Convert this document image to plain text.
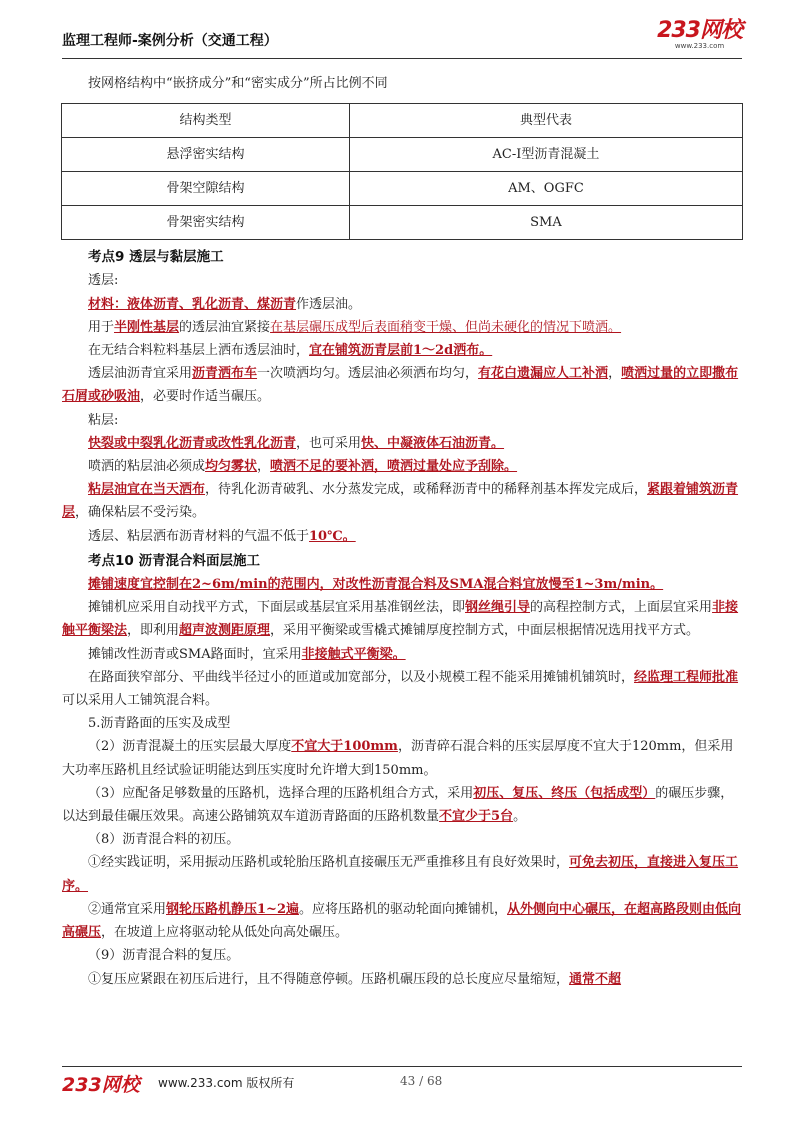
监理工程师-案例分析（交通工程）	233网校
www.233.com

按网格结构中“嵌挤成分”和“密实成分”所占比例不同

结构类型	典型代表
悬浮密实结构	AC-Ⅰ型沥青混凝土
骨架空隙结构	AM、OGFC
骨架密实结构	SMA
考点9 透层与黏层施工

透层:

材料：液体沥青、乳化沥青、煤沥青作透层油。

用于半刚性基层的透层油宜紧接在基层碾压成型后表面稍变干燥、但尚未硬化的情况下喷洒。

在无结合料粒料基层上洒布透层油时，宜在铺筑沥青层前1～2d洒布。

透层油沥青宜采用沥青洒布车一次喷洒均匀。透层油必须洒布均匀，有花白遗漏应人工补洒，喷洒过量的立即撒布石屑或砂吸油，必要时作适当碾压。

粘层:

快裂或中裂乳化沥青或改性乳化沥青，也可采用快、中凝液体石油沥青。

喷洒的粘层油必须成均匀雾状，喷洒不足的要补洒，喷洒过量处应予刮除。

粘层油宜在当天洒布，待乳化沥青破乳、水分蒸发完成，或稀释沥青中的稀释剂基本挥发完成后，紧跟着铺筑沥青层，确保粘层不受污染。

透层、粘层洒布沥青材料的气温不低于10℃。

考点10 沥青混合料面层施工

摊铺速度宜控制在2~6m/min的范围内，对改性沥青混合料及SMA混合料宜放慢至1~3m/min。

摊铺机应采用自动找平方式，下面层或基层宜采用基准钢丝法，即钢丝绳引导的高程控制方式，上面层宜采用非接触平衡梁法，即利用超声波测距原理，采用平衡梁或雪橇式摊铺厚度控制方式，中面层根据情况选用找平方式。

摊铺改性沥青或SMA路面时，宜采用非接触式平衡梁。

在路面狭窄部分、平曲线半径过小的匝道或加宽部分，以及小规模工程不能采用摊铺机铺筑时，经监理工程师批准可以采用人工铺筑混合料。

5.沥青路面的压实及成型

（2）沥青混凝土的压实层最大厚度不宜大于100mm，沥青碎石混合料的压实层厚度不宜大于120mm，但采用大功率压路机且经试验证明能达到压实度时允许增大到150mm。

（3）应配备足够数量的压路机，选择合理的压路机组合方式，采用初压、复压、终压（包括成型）的碾压步骤，以达到最佳碾压效果。高速公路铺筑双车道沥青路面的压路机数量不宜少于5台。

（8）沥青混合料的初压。

①经实践证明，采用振动压路机或轮胎压路机直接碾压无严重推移且有良好效果时，可免去初压，直接进入复压工序。

②通常宜采用钢轮压路机静压1~2遍。应将压路机的驱动轮面向摊铺机，从外侧向中心碾压，在超高路段则由低向高碾压，在坡道上应将驱动轮从低处向高处碾压。

（9）沥青混合料的复压。

①复压应紧跟在初压后进行，且不得随意停顿。压路机碾压段的总长度应尽量缩短，通常不超

233网校 www.233.com 版权所有	43 / 68
